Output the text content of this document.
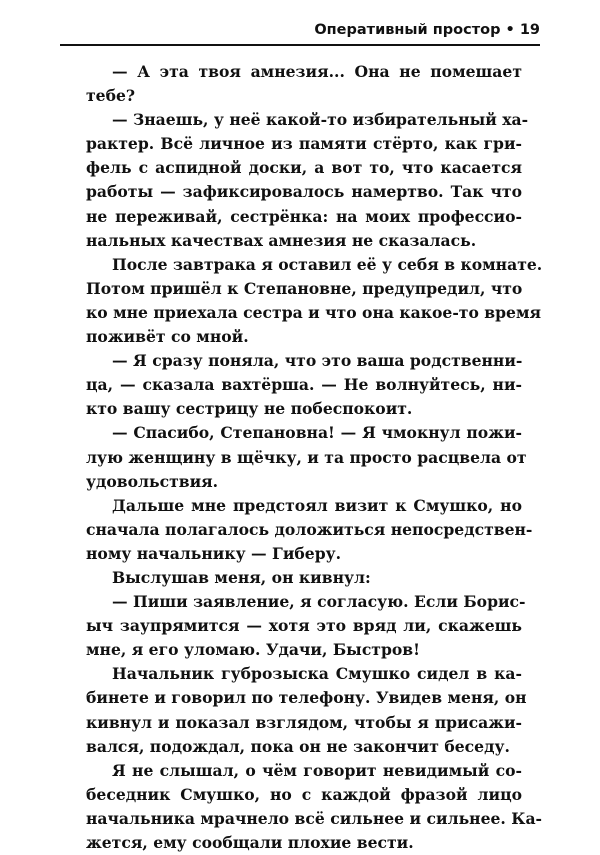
Оперативный простор • 19
— А эта твоя амнезия... Она не помешает
тебе?
— Знаешь, у неё какой-то избирательный ха-
рактер. Всё личное из памяти стёрто, как гри-
фель с аспидной доски, а вот то, что касается
работы — зафиксировалось намертво. Так что
не переживай, сестрёнка: на моих профессио-
нальных качествах амнезия не сказалась.
После завтрака я оставил её у себя в комнате.
Потом пришёл к Степановне, предупредил, что
ко мне приехала сестра и что она какое-то время
поживёт со мной.
— Я сразу поняла, что это ваша родственни-
ца, — сказала вахтёрша. — Не волнуйтесь, ни-
кто вашу сестрицу не побеспокоит.
— Спасибо, Степановна! — Я чмокнул пожи-
лую женщину в щёчку, и та просто расцвела от
удовольствия.
Дальше мне предстоял визит к Смушко, но
сначала полагалось доложиться непосредствен-
ному начальнику — Гиберу.
Выслушав меня, он кивнул:
— Пиши заявление, я согласую. Если Борис-
ыч заупрямится — хотя это вряд ли, скажешь
мне, я его уломаю. Удачи, Быстров!
Начальник губрозыска Смушко сидел в ка-
бинете и говорил по телефону. Увидев меня, он
кивнул и показал взглядом, чтобы я присажи-
вался, подождал, пока он не закончит беседу.
Я не слышал, о чём говорит невидимый со-
беседник Смушко, но с каждой фразой лицо
начальника мрачнело всё сильнее и сильнее. Ка-
жется, ему сообщали плохие вести.
